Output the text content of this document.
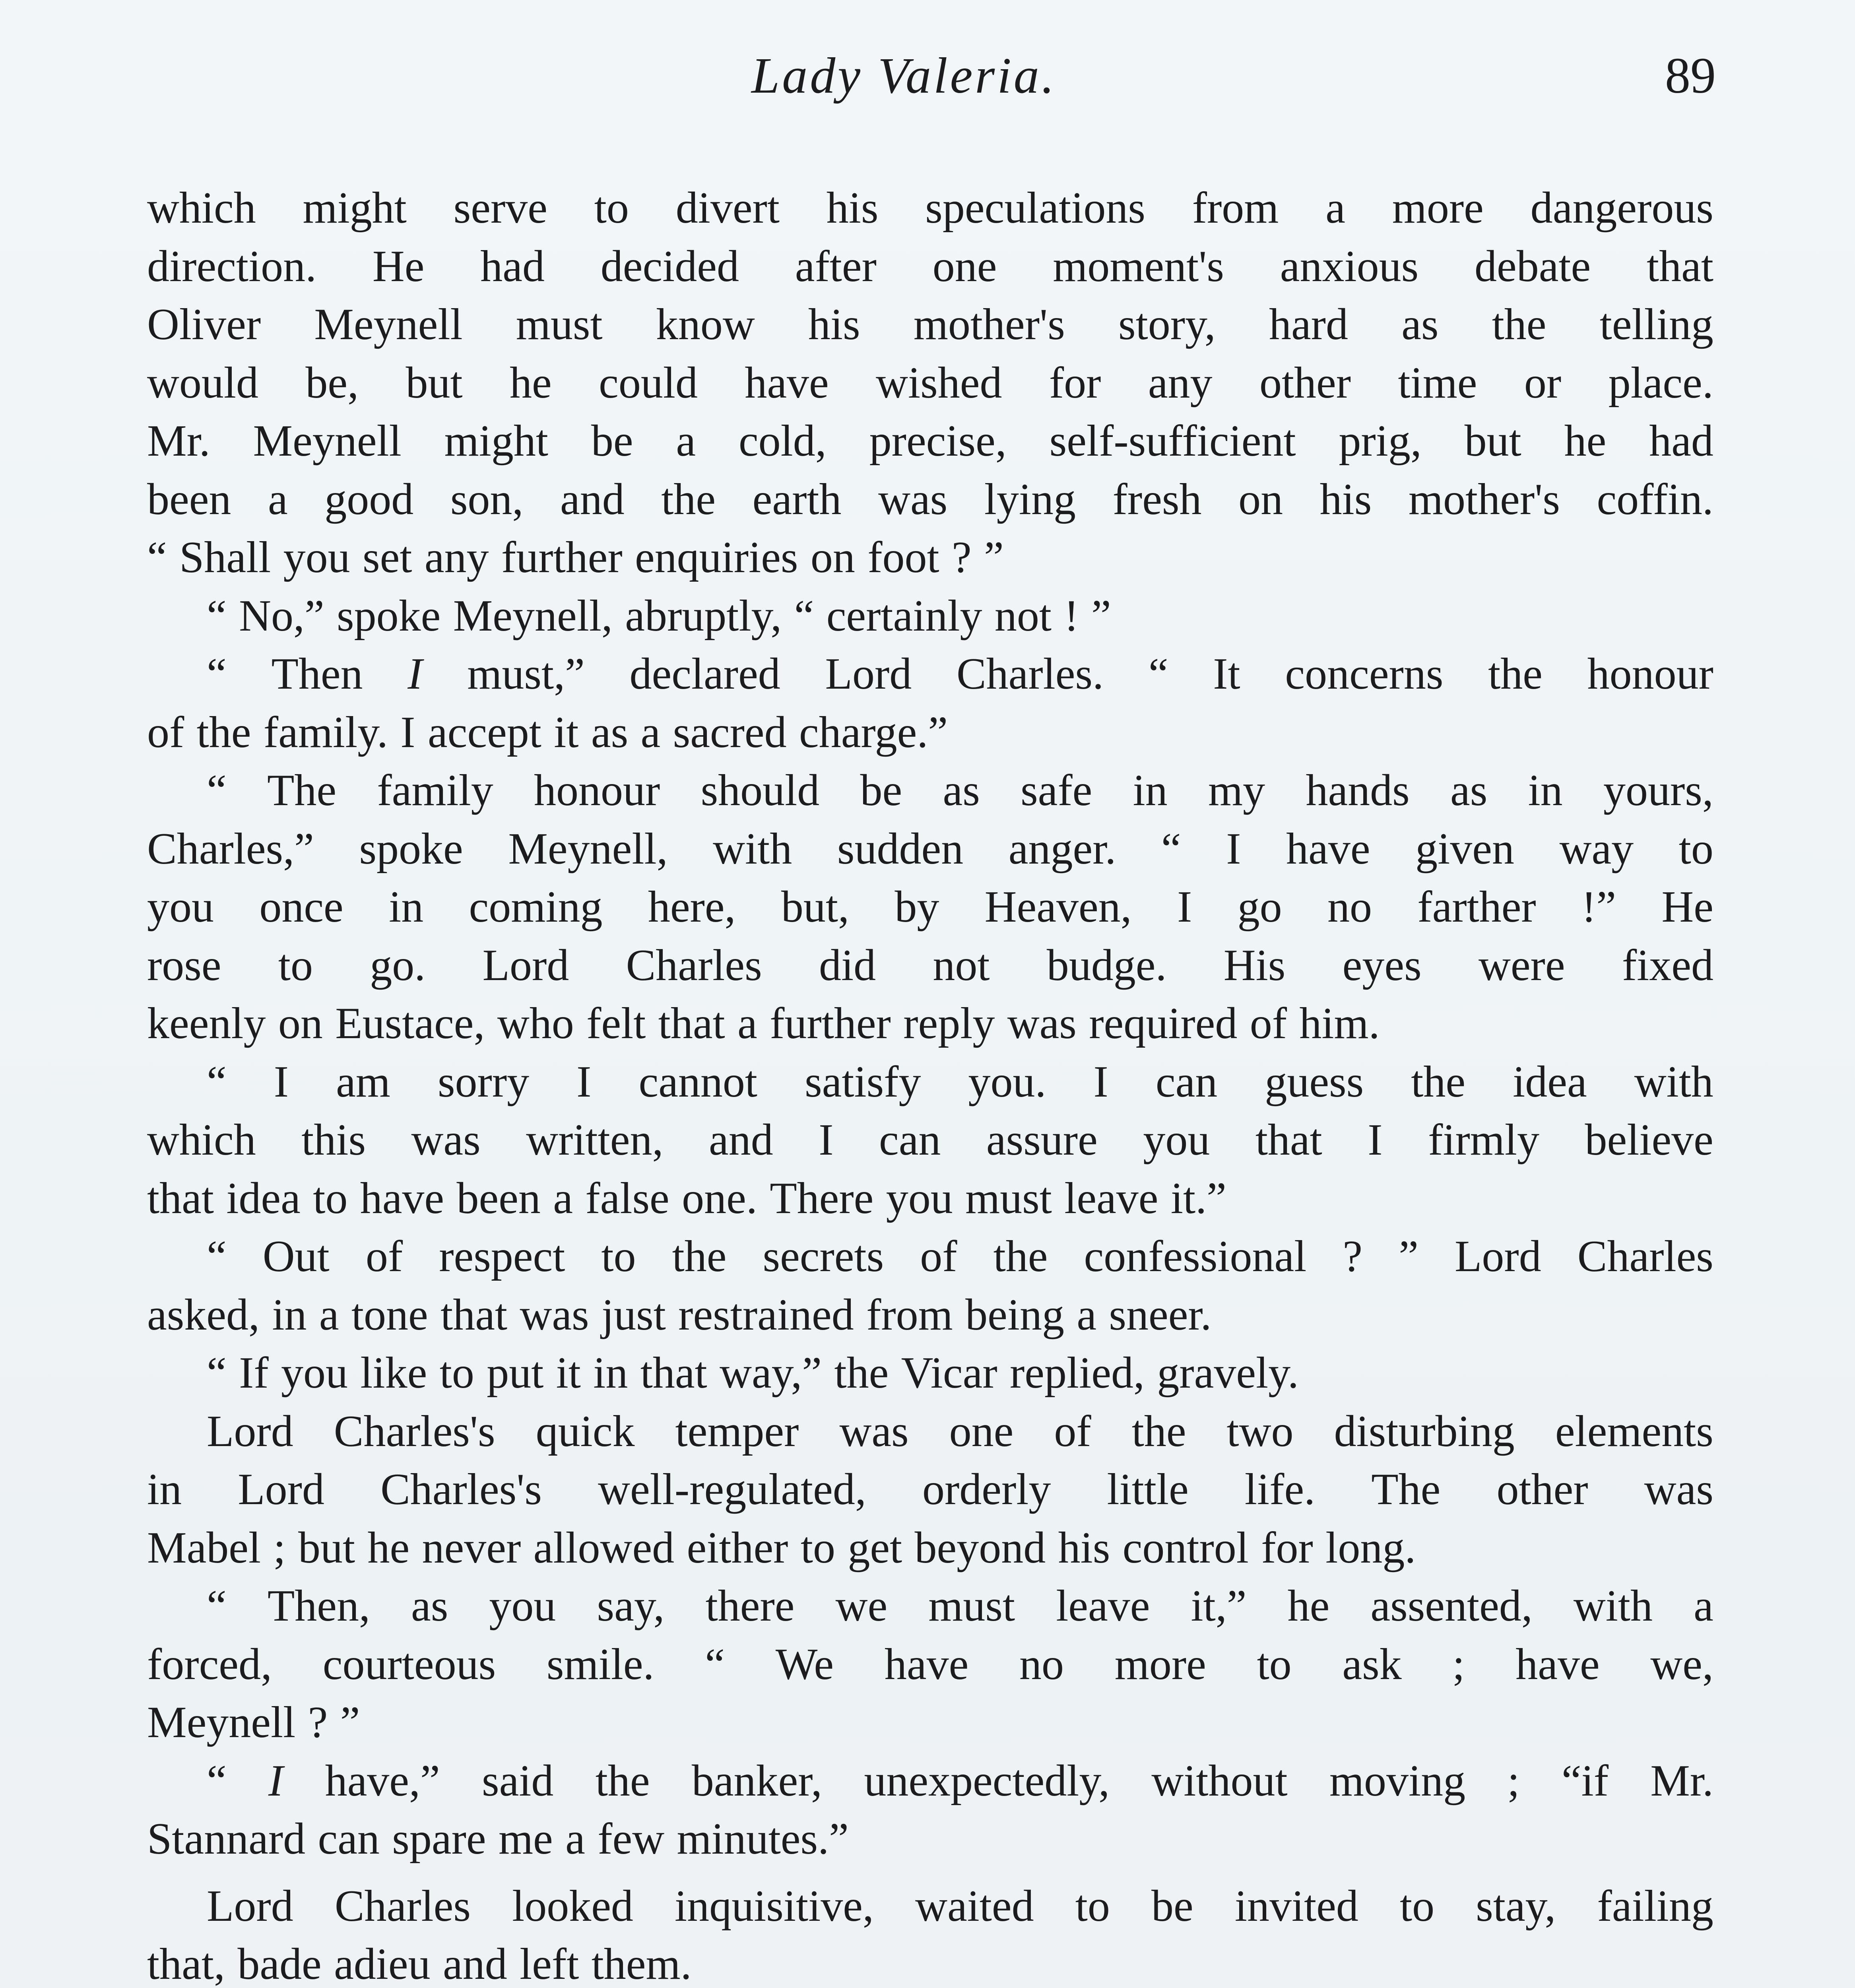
Lady Valeria.	89
which might serve to divert his speculations from a more dangerous
direction. He had decided after one moment's anxious debate that
Oliver Meynell must know his mother's story, hard as the telling
would be, but he could have wished for any other time or place.
Mr. Meynell might be a cold, precise, self-sufficient prig, but he had
been a good son, and the earth was lying fresh on his mother's coffin.
“ Shall you set any further enquiries on foot ? ”
“ No,” spoke Meynell, abruptly, “ certainly not ! ”
“ Then I must,” declared Lord Charles. “ It concerns the honour
of the family. I accept it as a sacred charge.”
“ The family honour should be as safe in my hands as in yours,
Charles,” spoke Meynell, with sudden anger. “ I have given way to
you once in coming here, but, by Heaven, I go no farther !” He
rose to go. Lord Charles did not budge. His eyes were fixed
keenly on Eustace, who felt that a further reply was required of him.
“ I am sorry I cannot satisfy you. I can guess the idea with
which this was written, and I can assure you that I firmly believe
that idea to have been a false one. There you must leave it.”
“ Out of respect to the secrets of the confessional ? ” Lord Charles
asked, in a tone that was just restrained from being a sneer.
“ If you like to put it in that way,” the Vicar replied, gravely.
Lord Charles's quick temper was one of the two disturbing elements
in Lord Charles's well-regulated, orderly little life. The other was
Mabel ; but he never allowed either to get beyond his control for long.
“ Then, as you say, there we must leave it,” he assented, with a
forced, courteous smile. “ We have no more to ask ; have we,
Meynell ? ”
“ I have,” said the banker, unexpectedly, without moving ; “if Mr.
Stannard can spare me a few minutes.”
Lord Charles looked inquisitive, waited to be invited to stay, failing
that, bade adieu and left them.
